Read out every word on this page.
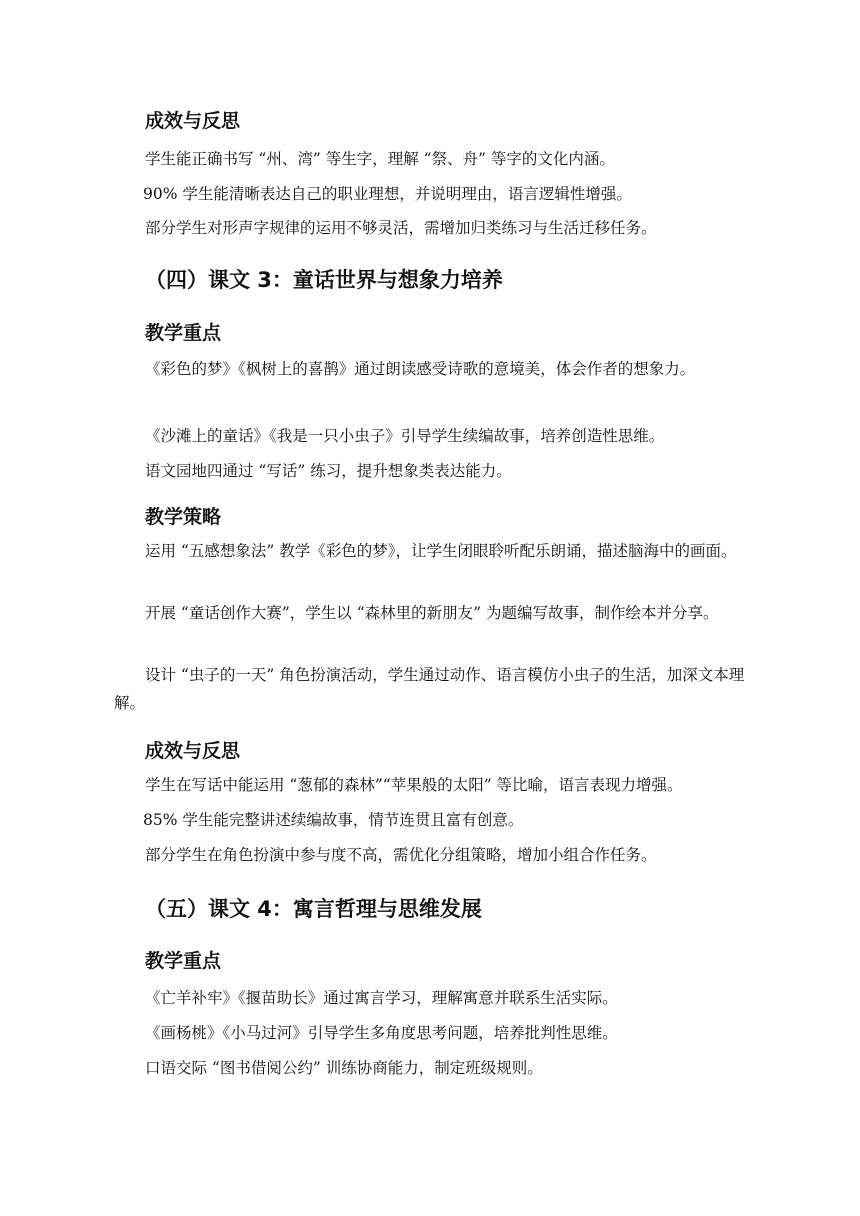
成效与反思

学生能正确书写 “州、湾” 等生字，理解 “祭、舟” 等字的文化内涵。

90% 学生能清晰表达自己的职业理想，并说明理由，语言逻辑性增强。

部分学生对形声字规律的运用不够灵活，需增加归类练习与生活迁移任务。

（四）课文 3：童话世界与想象力培养

教学重点

《彩色的梦》《枫树上的喜鹊》通过朗读感受诗歌的意境美，体会作者的想象力。

《沙滩上的童话》《我是一只小虫子》引导学生续编故事，培养创造性思维。

语文园地四通过 “写话” 练习，提升想象类表达能力。

教学策略

运用 “五感想象法” 教学《彩色的梦》，让学生闭眼聆听配乐朗诵，描述脑海中的画面。

开展 “童话创作大赛”，学生以 “森林里的新朋友” 为题编写故事，制作绘本并分享。

设计 “虫子的一天” 角色扮演活动，学生通过动作、语言模仿小虫子的生活，加深文本理解。

成效与反思

学生在写话中能运用 “葱郁的森林”“苹果般的太阳” 等比喻，语言表现力增强。

85% 学生能完整讲述续编故事，情节连贯且富有创意。

部分学生在角色扮演中参与度不高，需优化分组策略，增加小组合作任务。

（五）课文 4：寓言哲理与思维发展

教学重点

《亡羊补牢》《揠苗助长》通过寓言学习，理解寓意并联系生活实际。

《画杨桃》《小马过河》引导学生多角度思考问题，培养批判性思维。

口语交际 “图书借阅公约” 训练协商能力，制定班级规则。
